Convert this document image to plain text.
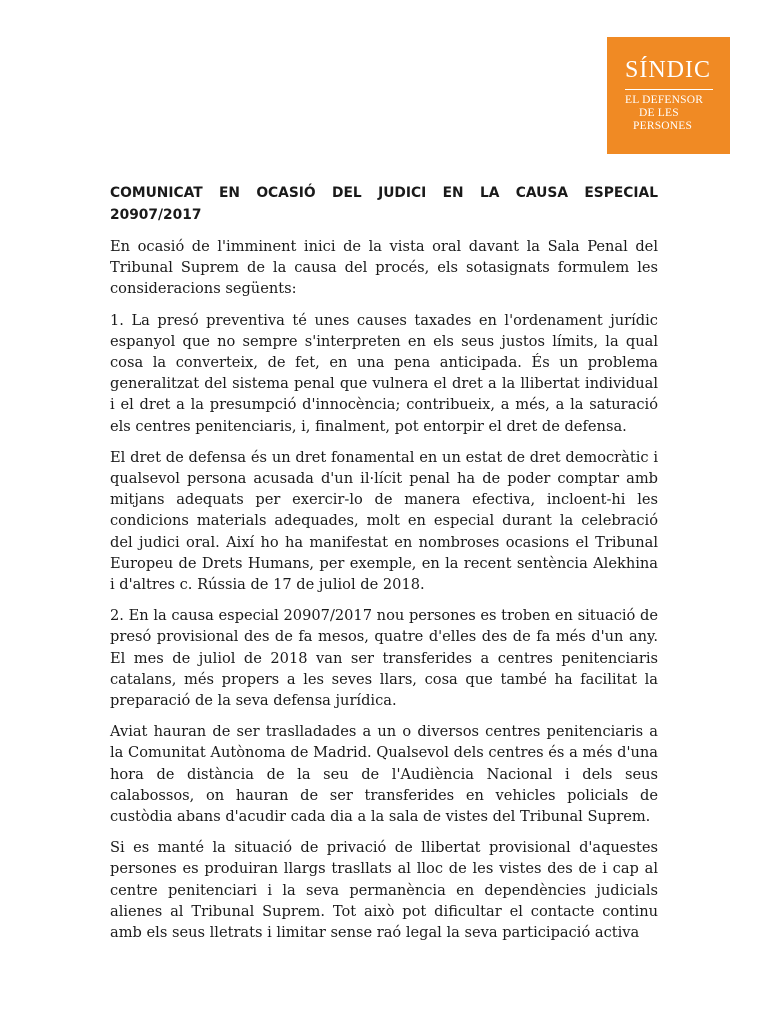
SÍNDIC
EL DEFENSOR
DE LES
PERSONES
COMUNICAT EN OCASIÓ DEL JUDICI EN LA CAUSA ESPECIAL 20907/2017

En ocasió de l'imminent inici de la vista oral davant la Sala Penal del Tribunal Suprem de la causa del procés, els sotasignats formulem les consideracions següents:

1. La presó preventiva té unes causes taxades en l'ordenament jurídic espanyol que no sempre s'interpreten en els seus justos límits, la qual cosa la converteix, de fet, en una pena anticipada. És un problema generalitzat del sistema penal que vulnera el dret a la llibertat individual i el dret a la presumpció d'innocència; contribueix, a més, a la saturació els centres penitenciaris, i, finalment, pot entorpir el dret de defensa.

El dret de defensa és un dret fonamental en un estat de dret democràtic i qualsevol persona acusada d'un il·lícit penal ha de poder comptar amb mitjans adequats per exercir-lo de manera efectiva, incloent-hi les condicions materials adequades, molt en especial durant la celebració del judici oral. Així ho ha manifestat en nombroses ocasions el Tribunal Europeu de Drets Humans, per exemple, en la recent sentència Alekhina i d'altres c. Rússia de 17 de juliol de 2018.

2. En la causa especial 20907/2017 nou persones es troben en situació de presó provisional des de fa mesos, quatre d'elles des de fa més d'un any. El mes de juliol de 2018 van ser transferides a centres penitenciaris catalans, més propers a les seves llars, cosa que també ha facilitat la preparació de la seva defensa jurídica.

Aviat hauran de ser traslladades a un o diversos centres penitenciaris a la Comunitat Autònoma de Madrid. Qualsevol dels centres és a més d'una hora de distància de la seu de l'Audiència Nacional i dels seus calabossos, on hauran de ser transferides en vehicles policials de custòdia abans d'acudir cada dia a la sala de vistes del Tribunal Suprem.

Si es manté la situació de privació de llibertat provisional d'aquestes persones es produiran llargs trasllats al lloc de les vistes des de i cap al centre penitenciari i la seva permanència en dependències judicials alienes al Tribunal Suprem. Tot això pot dificultar el contacte continu amb els seus lletrats i limitar sense raó legal la seva participació activa
